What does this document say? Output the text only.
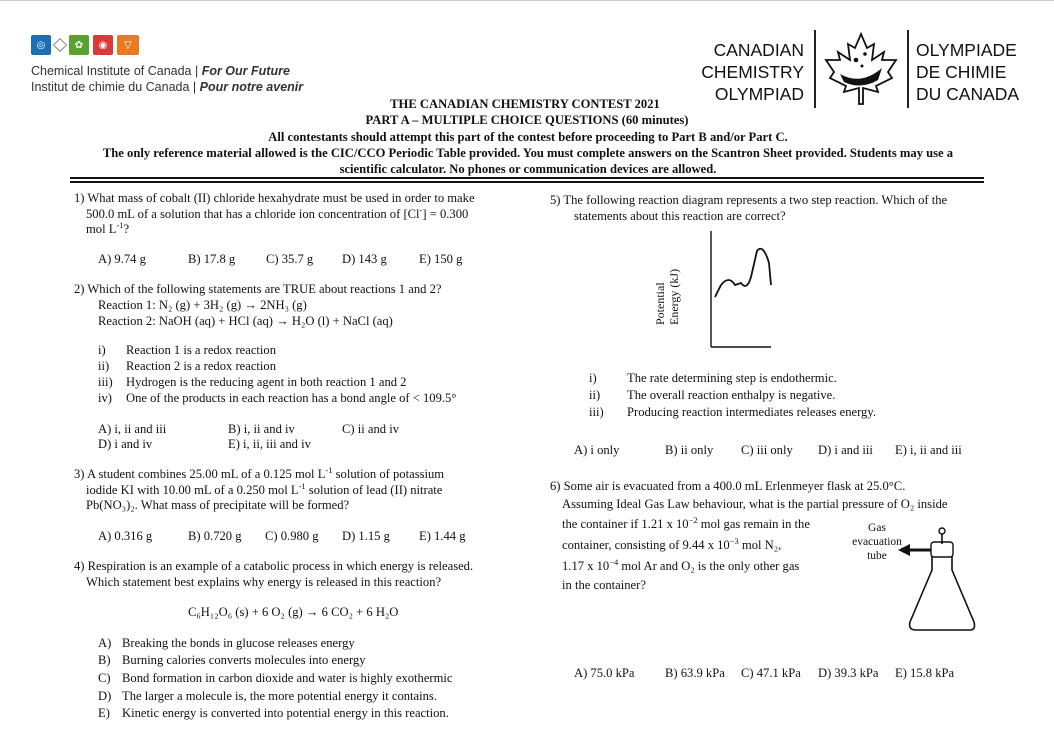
◎	✿	◉	▽
Chemical Institute of Canada | For Our Future
Institut de chimie du Canada | Pour notre avenir
CANADIAN
CHEMISTRY
OLYMPIAD
OLYMPIADE
DE CHIMIE
DU CANADA
THE CANADIAN CHEMISTRY CONTEST 2021
PART A – MULTIPLE CHOICE QUESTIONS (60 minutes)
All contestants should attempt this part of the contest before proceeding to Part B and/or Part C.
The only reference material allowed is the CIC/CCO Periodic Table provided. You must complete answers on the Scantron Sheet provided. Students may use a scientific calculator. No phones or communication devices are allowed.
1) What mass of cobalt (II) chloride hexahydrate must be used in order to make
500.0 mL of a solution that has a chloride ion concentration of [Cl-] = 0.300
mol $L^{-1}$?
A) 9.74 g	B) 17.8 g C) 35.7 g D) 143 g	E) 150 g
2) Which of the following statements are TRUE about reactions 1 and 2?
Reaction 1: N₂ (g) + 3H₂ (g) → 2NH₃ (g)
Reaction 2: NaOH (aq) + HCl (aq) → H₂O (l) + NaCl (aq)
i) Reaction 1 is a redox reaction
ii) Reaction 2 is a redox reaction
iii) Hydrogen is the reducing agent in both reaction 1 and 2
iv) One of the products in each reaction has a bond angle of < 109.5°
A) i, ii and iii	B) i, ii and iv	C) ii and iv
D) i and iv	E) i, ii, iii and iv
3) A student combines 25.00 mL of a 0.125 mol $L^{-1}$ solution of potassium
iodide KI with 10.00 mL of a 0.250 mol $L^{-1}$ solution of lead (II) nitrate
Pb(NO₃)₂. What mass of precipitate will be formed?
A) 0.316 g	B) 0.720 g C) 0.980 g D) 1.15 g E) 1.44 g
4) Respiration is an example of a catabolic process in which energy is released.
Which statement best explains why energy is released in this reaction?
C₆H₁₂O₆ (s) + 6 O₂ (g) → 6 CO₂ + 6 H₂O
A) Breaking the bonds in glucose releases energy
B) Burning calories converts molecules into energy
C) Bond formation in carbon dioxide and water is highly exothermic
D) The larger a molecule is, the more potential energy it contains.
E) Kinetic energy is converted into potential energy in this reaction.
5) The following reaction diagram represents a two step reaction. Which of the
statements about this reaction are correct?
Potential Energy (kJ)
i) The rate determining step is endothermic.
ii) The overall reaction enthalpy is negative.
iii) Producing reaction intermediates releases energy.
A) i only	B) ii only C) iii only D) i and iii E) i, ii and iii
6) Some air is evacuated from a 400.0 mL Erlenmeyer flask at 25.0°C.
Assuming Ideal Gas Law behaviour, what is the partial pressure of O₂ inside
the container if 1.21 x $10^{-2}$ mol gas remain in the
container, consisting of 9.44 x $10^{-3}$ mol N₂,
1.17 x $10^{-4}$ mol Ar and O₂ is the only other gas
in the container?
Gas
evacuation
tube
A) 75.0 kPa B) 63.9 kPa C) 47.1 kPa D) 39.3 kPa E) 15.8 kPa
